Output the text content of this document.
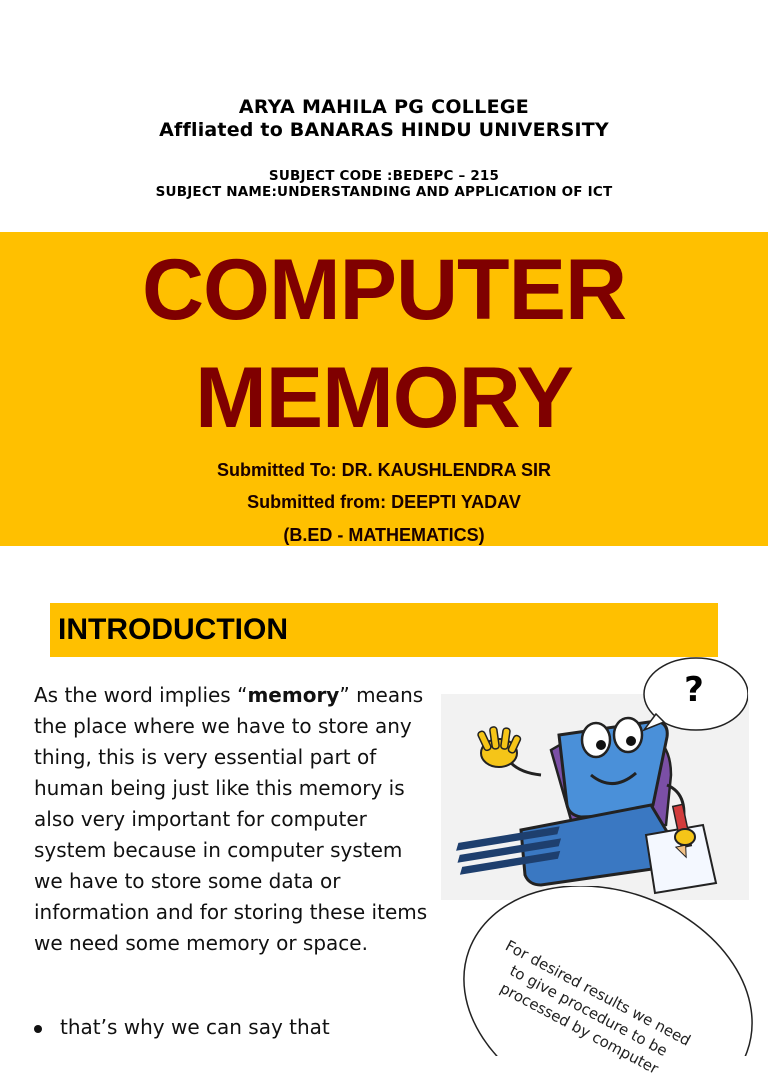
ARYA MAHILA PG COLLEGE
Affliated to BANARAS HINDU UNIVERSITY
SUBJECT CODE :BEDEPC – 215
SUBJECT NAME:UNDERSTANDING AND APPLICATION OF ICT
COMPUTER
MEMORY
Submitted To: DR. KAUSHLENDRA SIR
Submitted from: DEEPTI YADAV
(B.ED - MATHEMATICS)
INTRODUCTION

As the word implies “memory” means the place where we have to store any thing, this is very essential part of human being just like this memory is also very important for computer system because in computer system we have to store some data or information and for storing these items we need some memory or space.

that’s why we can say that
?
For desired results we need to give procedure to be processed by computer
